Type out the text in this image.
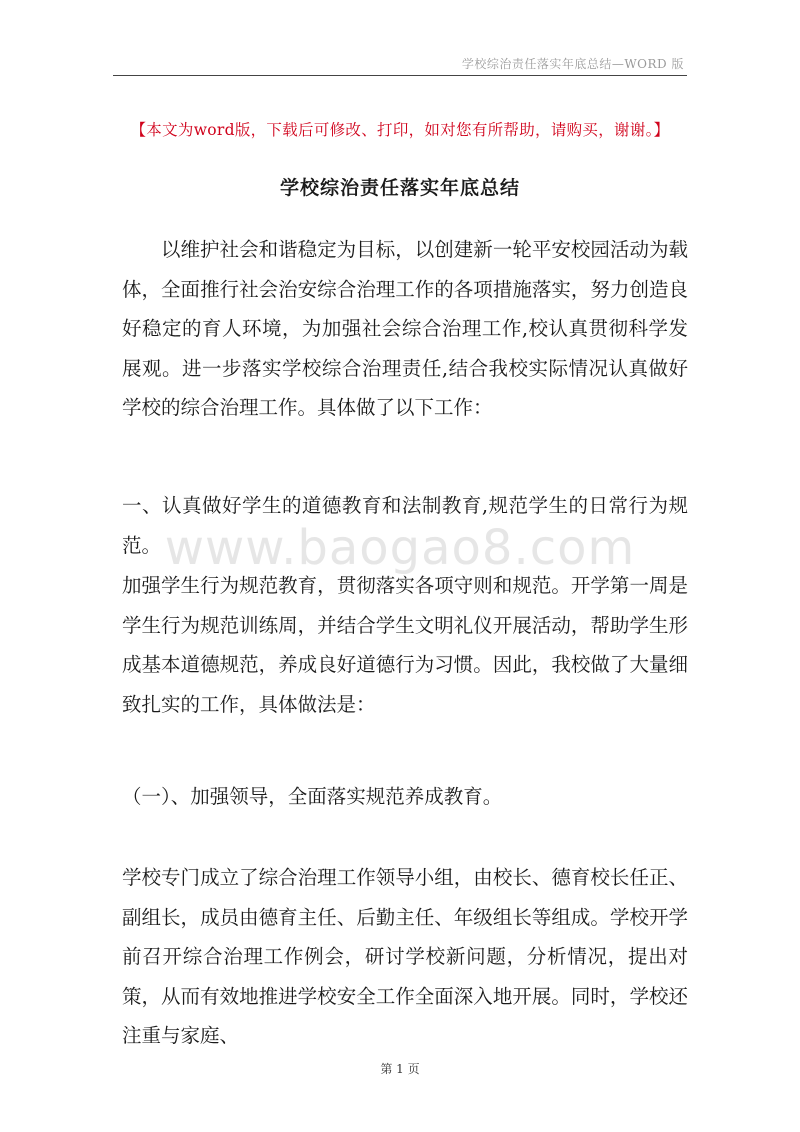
学校综治责任落实年底总结—WORD 版
【本文为word版，下载后可修改、打印，如对您有所帮助，请购买，谢谢。】
学校综治责任落实年底总结
www.baogao8.com
以维护社会和谐稳定为目标，以创建新一轮平安校园活动为载体，全面推行社会治安综合治理工作的各项措施落实，努力创造良好稳定的育人环境，为加强社会综合治理工作,校认真贯彻科学发展观。进一步落实学校综合治理责任,结合我校实际情况认真做好学校的综合治理工作。具体做了以下工作：
一、认真做好学生的道德教育和法制教育,规范学生的日常行为规范。
加强学生行为规范教育，贯彻落实各项守则和规范。开学第一周是学生行为规范训练周，并结合学生文明礼仪开展活动，帮助学生形成基本道德规范，养成良好道德行为习惯。因此，我校做了大量细致扎实的工作，具体做法是：
（一）、加强领导，全面落实规范养成教育。
学校专门成立了综合治理工作领导小组，由校长、德育校长任正、副组长，成员由德育主任、后勤主任、年级组长等组成。学校开学前召开综合治理工作例会，研讨学校新问题，分析情况，提出对策，从而有效地推进学校安全工作全面深入地开展。同时，学校还注重与家庭、
第 1 页
